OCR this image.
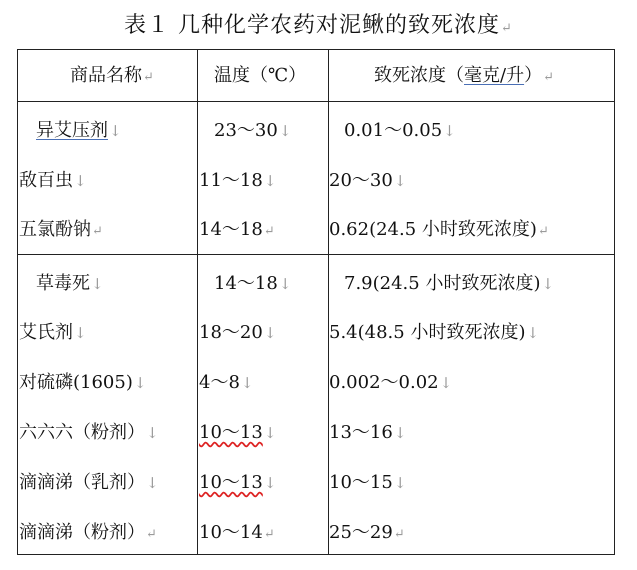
表１ 几种化学农药对泥鳅的致死浓度↵
商品名称↵	温度（℃）	致死浓度（毫克/升）↵
异艾压剂↓	23～30↓	0.01～0.05↓
敌百虫↓	11～18↓	20～30↓
五氯酚钠↵	14～18↵	0.62(24.5 小时致死浓度)↵
草毒死↓	14～18↓	7.9(24.5 小时致死浓度)↓
艾氏剂↓	18～20↓	5.4(48.5 小时致死浓度)↓
对硫磷(1605)↓	4～8↓	0.002～0.02↓
六六六（粉剂）↓ 10～13↓	13～16↓
滴滴涕（乳剂）↓ 10～13↓	10～15↓
滴滴涕（粉剂）↵ 10～14↵	25～29↵
